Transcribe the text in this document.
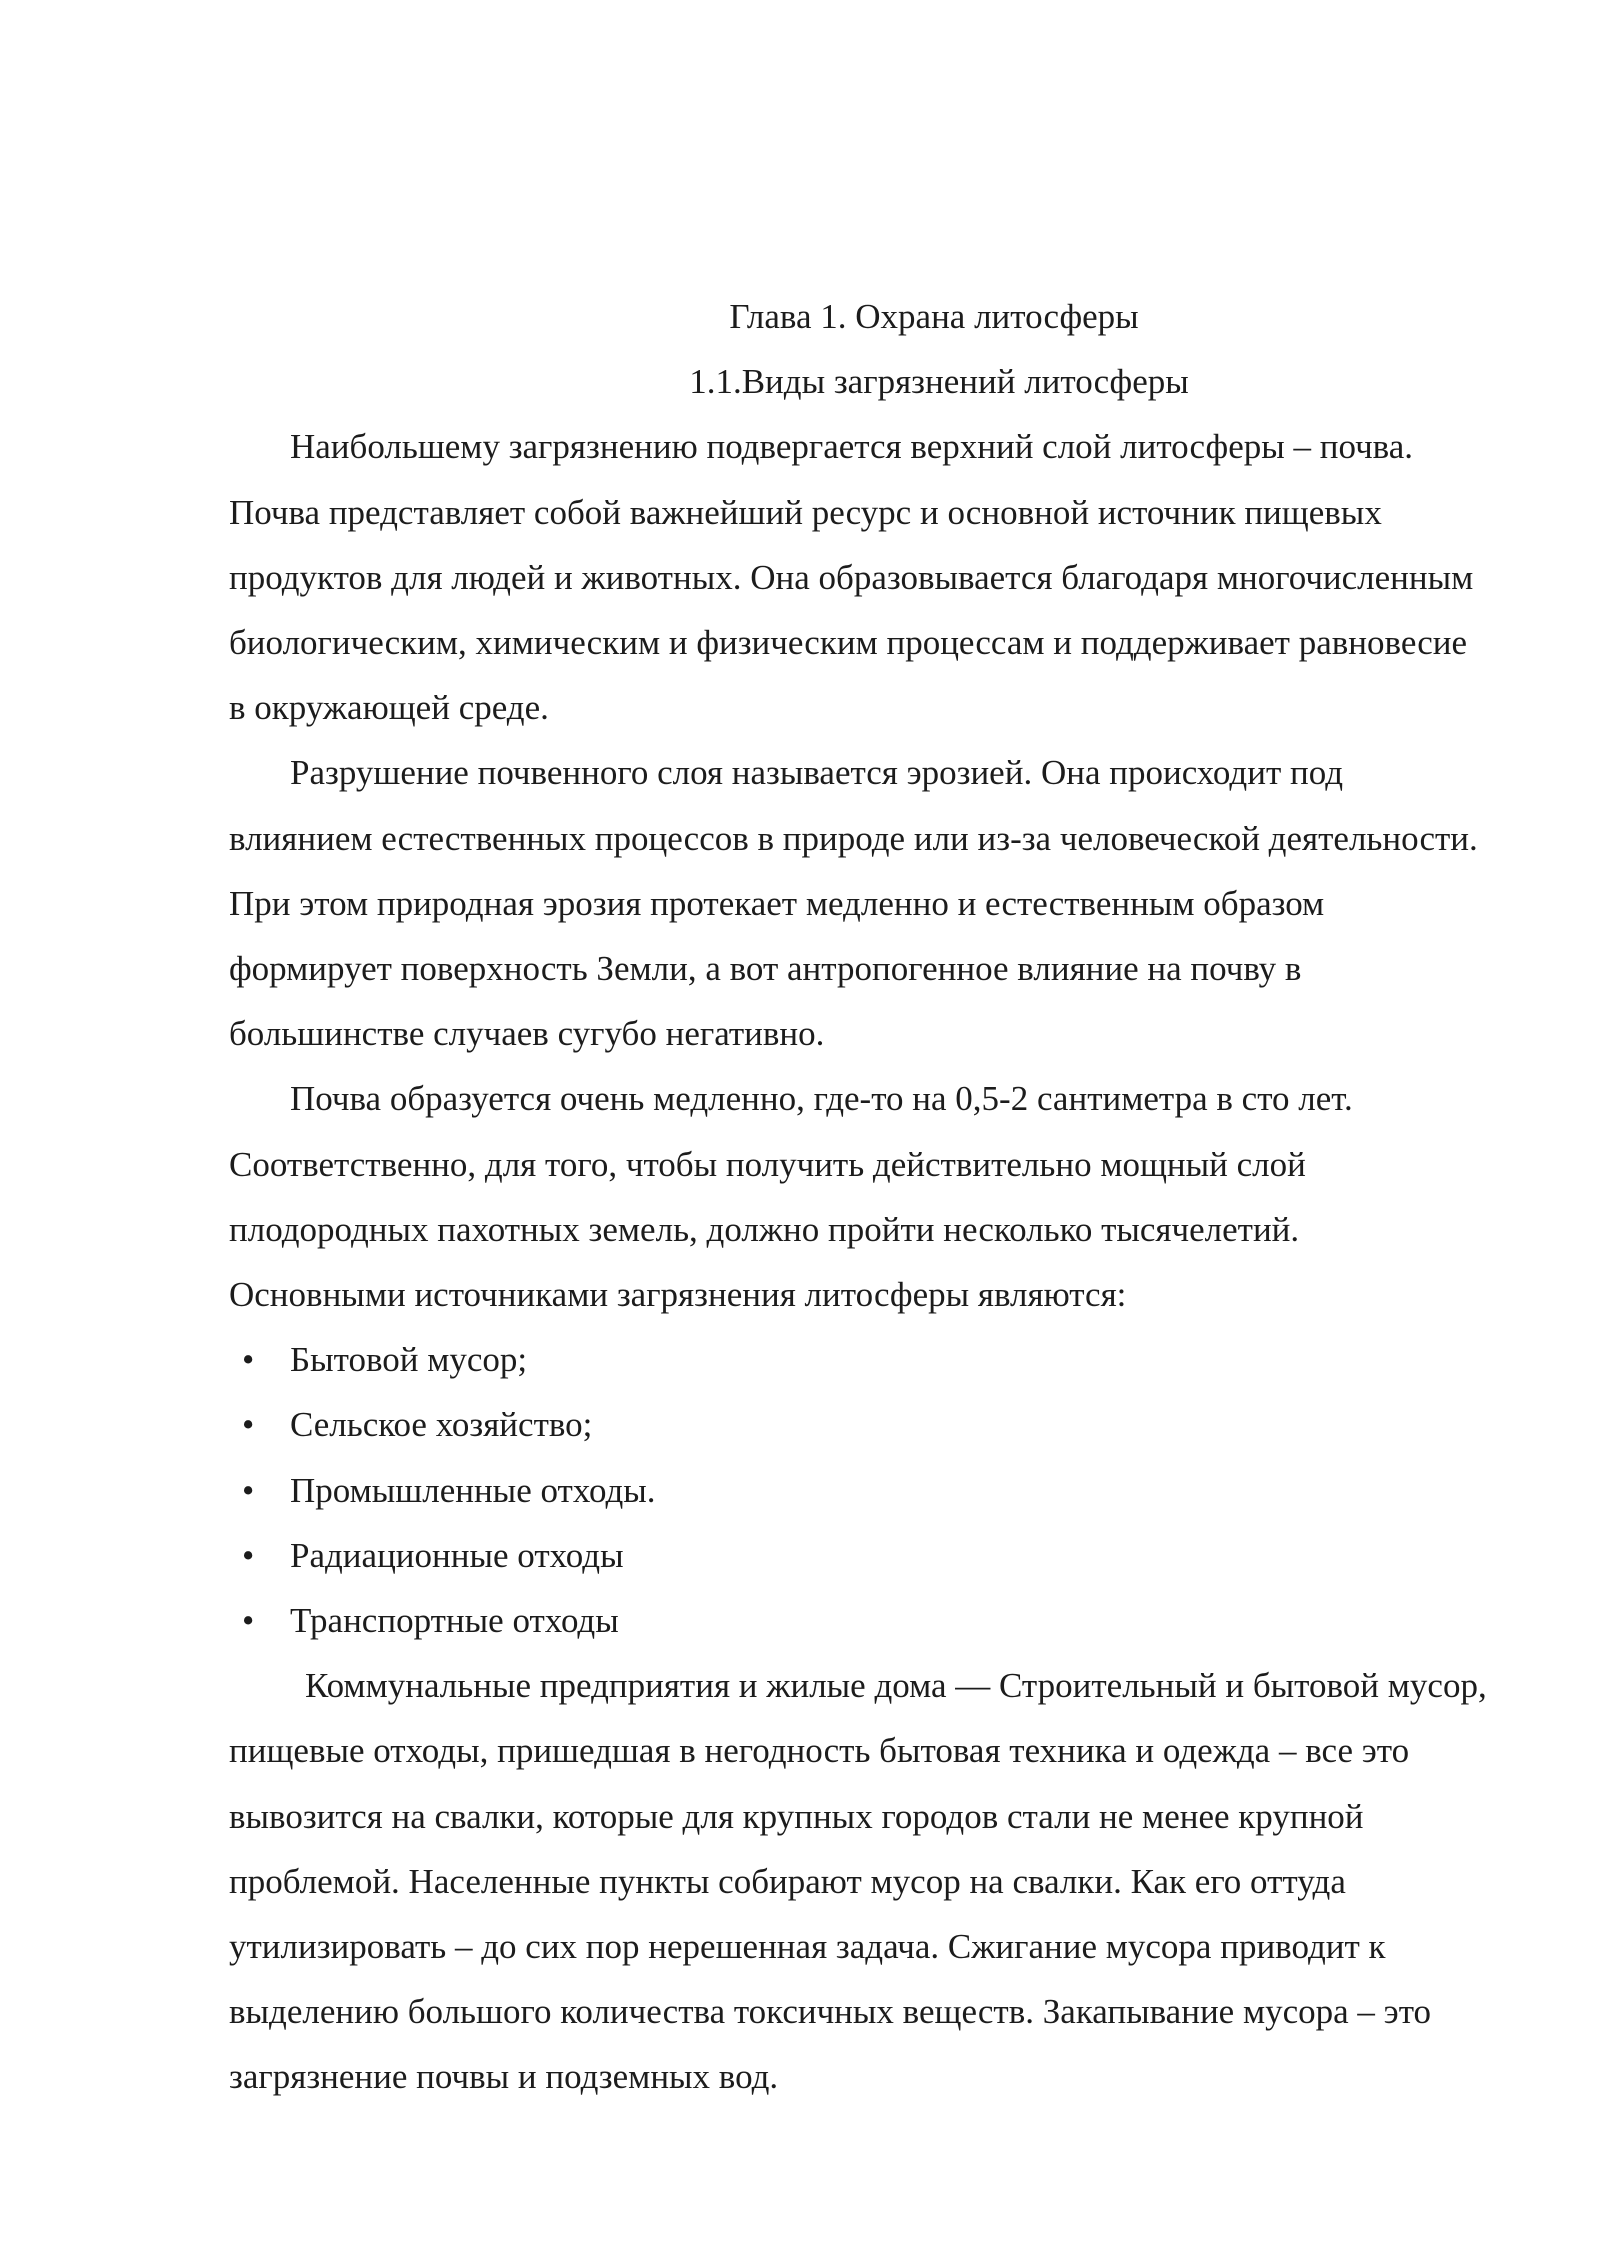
Глава 1. Охрана литосферы
1.1.Виды загрязнений литосферы

Наибольшему загрязнению подвергается верхний слой литосферы – почва. Почва представляет собой важнейший ресурс и основной источник пищевых продуктов для людей и животных. Она образовывается благодаря многочисленным биологическим, химическим и физическим процессам и поддерживает равновесие в окружающей среде.

Разрушение почвенного слоя называется эрозией. Она происходит под влиянием естественных процессов в природе или из-за человеческой деятельности. При этом природная эрозия протекает медленно и естественным образом формирует поверхность Земли, а вот антропогенное влияние на почву в большинстве случаев сугубо негативно.

Почва образуется очень медленно, где-то на 0,5-2 сантиметра в сто лет. Соответственно, для того, чтобы получить действительно мощный слой плодородных пахотных земель, должно пройти несколько тысячелетий.

Основными источниками загрязнения литосферы являются:

• Бытовой мусор;
• Сельское хозяйство;
• Промышленные отходы.
• Радиационные отходы
• Транспортные отходы

Коммунальные предприятия и жилые дома — Строительный и бытовой мусор, пищевые отходы, пришедшая в негодность бытовая техника и одежда – все это вывозится на свалки, которые для крупных городов стали не менее крупной проблемой. Населенные пункты собирают мусор на свалки. Как его оттуда утилизировать – до сих пор нерешенная задача. Сжигание мусора приводит к выделению большого количества токсичных веществ. Закапывание мусора – это загрязнение почвы и подземных вод.
